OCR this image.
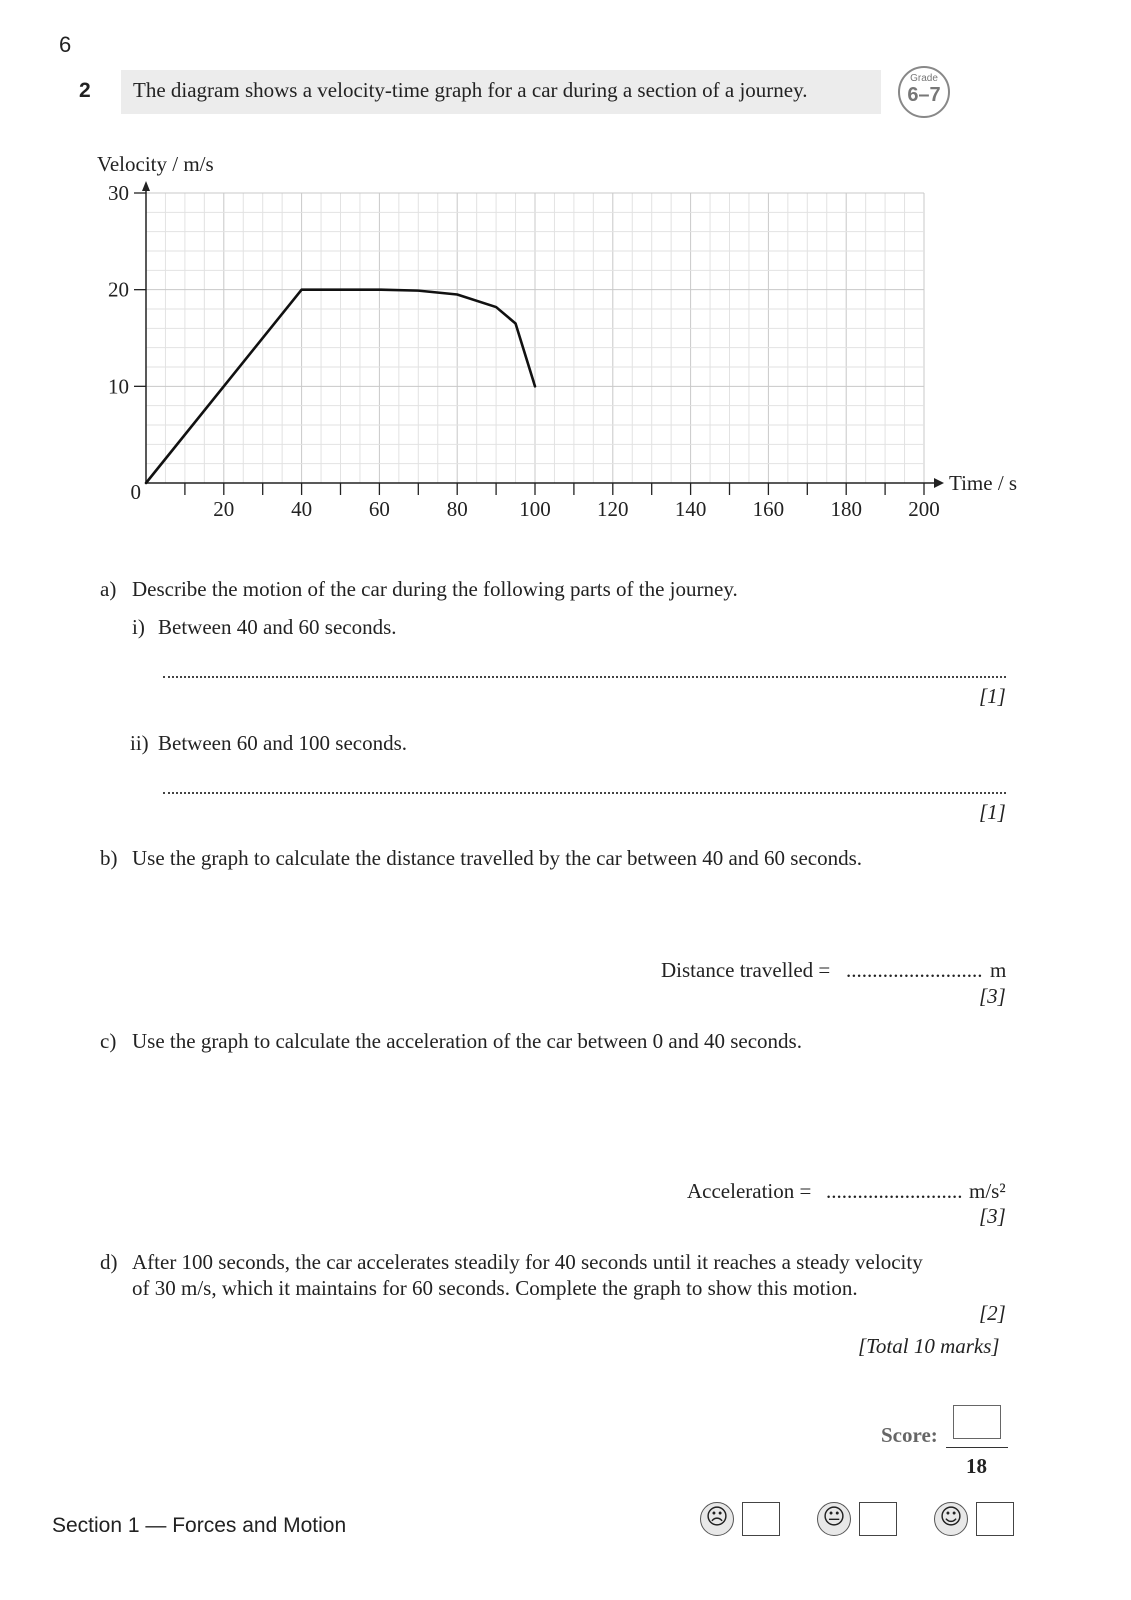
6
2	The diagram shows a velocity-time graph for a car during a section of a journey.	Grade
6–7
20	40	60	80 100 120 140 160 180 200
0
10
20
30
Velocity / m/s
Time / s
a) Describe the motion of the car during the following parts of the journey.
i) Between 40 and 60 seconds.
[1]
ii) Between 60 and 100 seconds.
[1]
b) Use the graph to calculate the distance travelled by the car between 40 and 60 seconds.
Distance travelled = .......................... m
[3]
c) Use the graph to calculate the acceleration of the car between 0 and 40 seconds.
Acceleration = .......................... m/s²
[3]
d) After 100 seconds, the car accelerates steadily for 40 seconds until it reaches a steady velocity
of 30 m/s, which it maintains for 60 seconds. Complete the graph to show this motion.
[2]
[Total 10 marks]
Score:
18
☹	😐	☺
Section 1 — Forces and Motion
